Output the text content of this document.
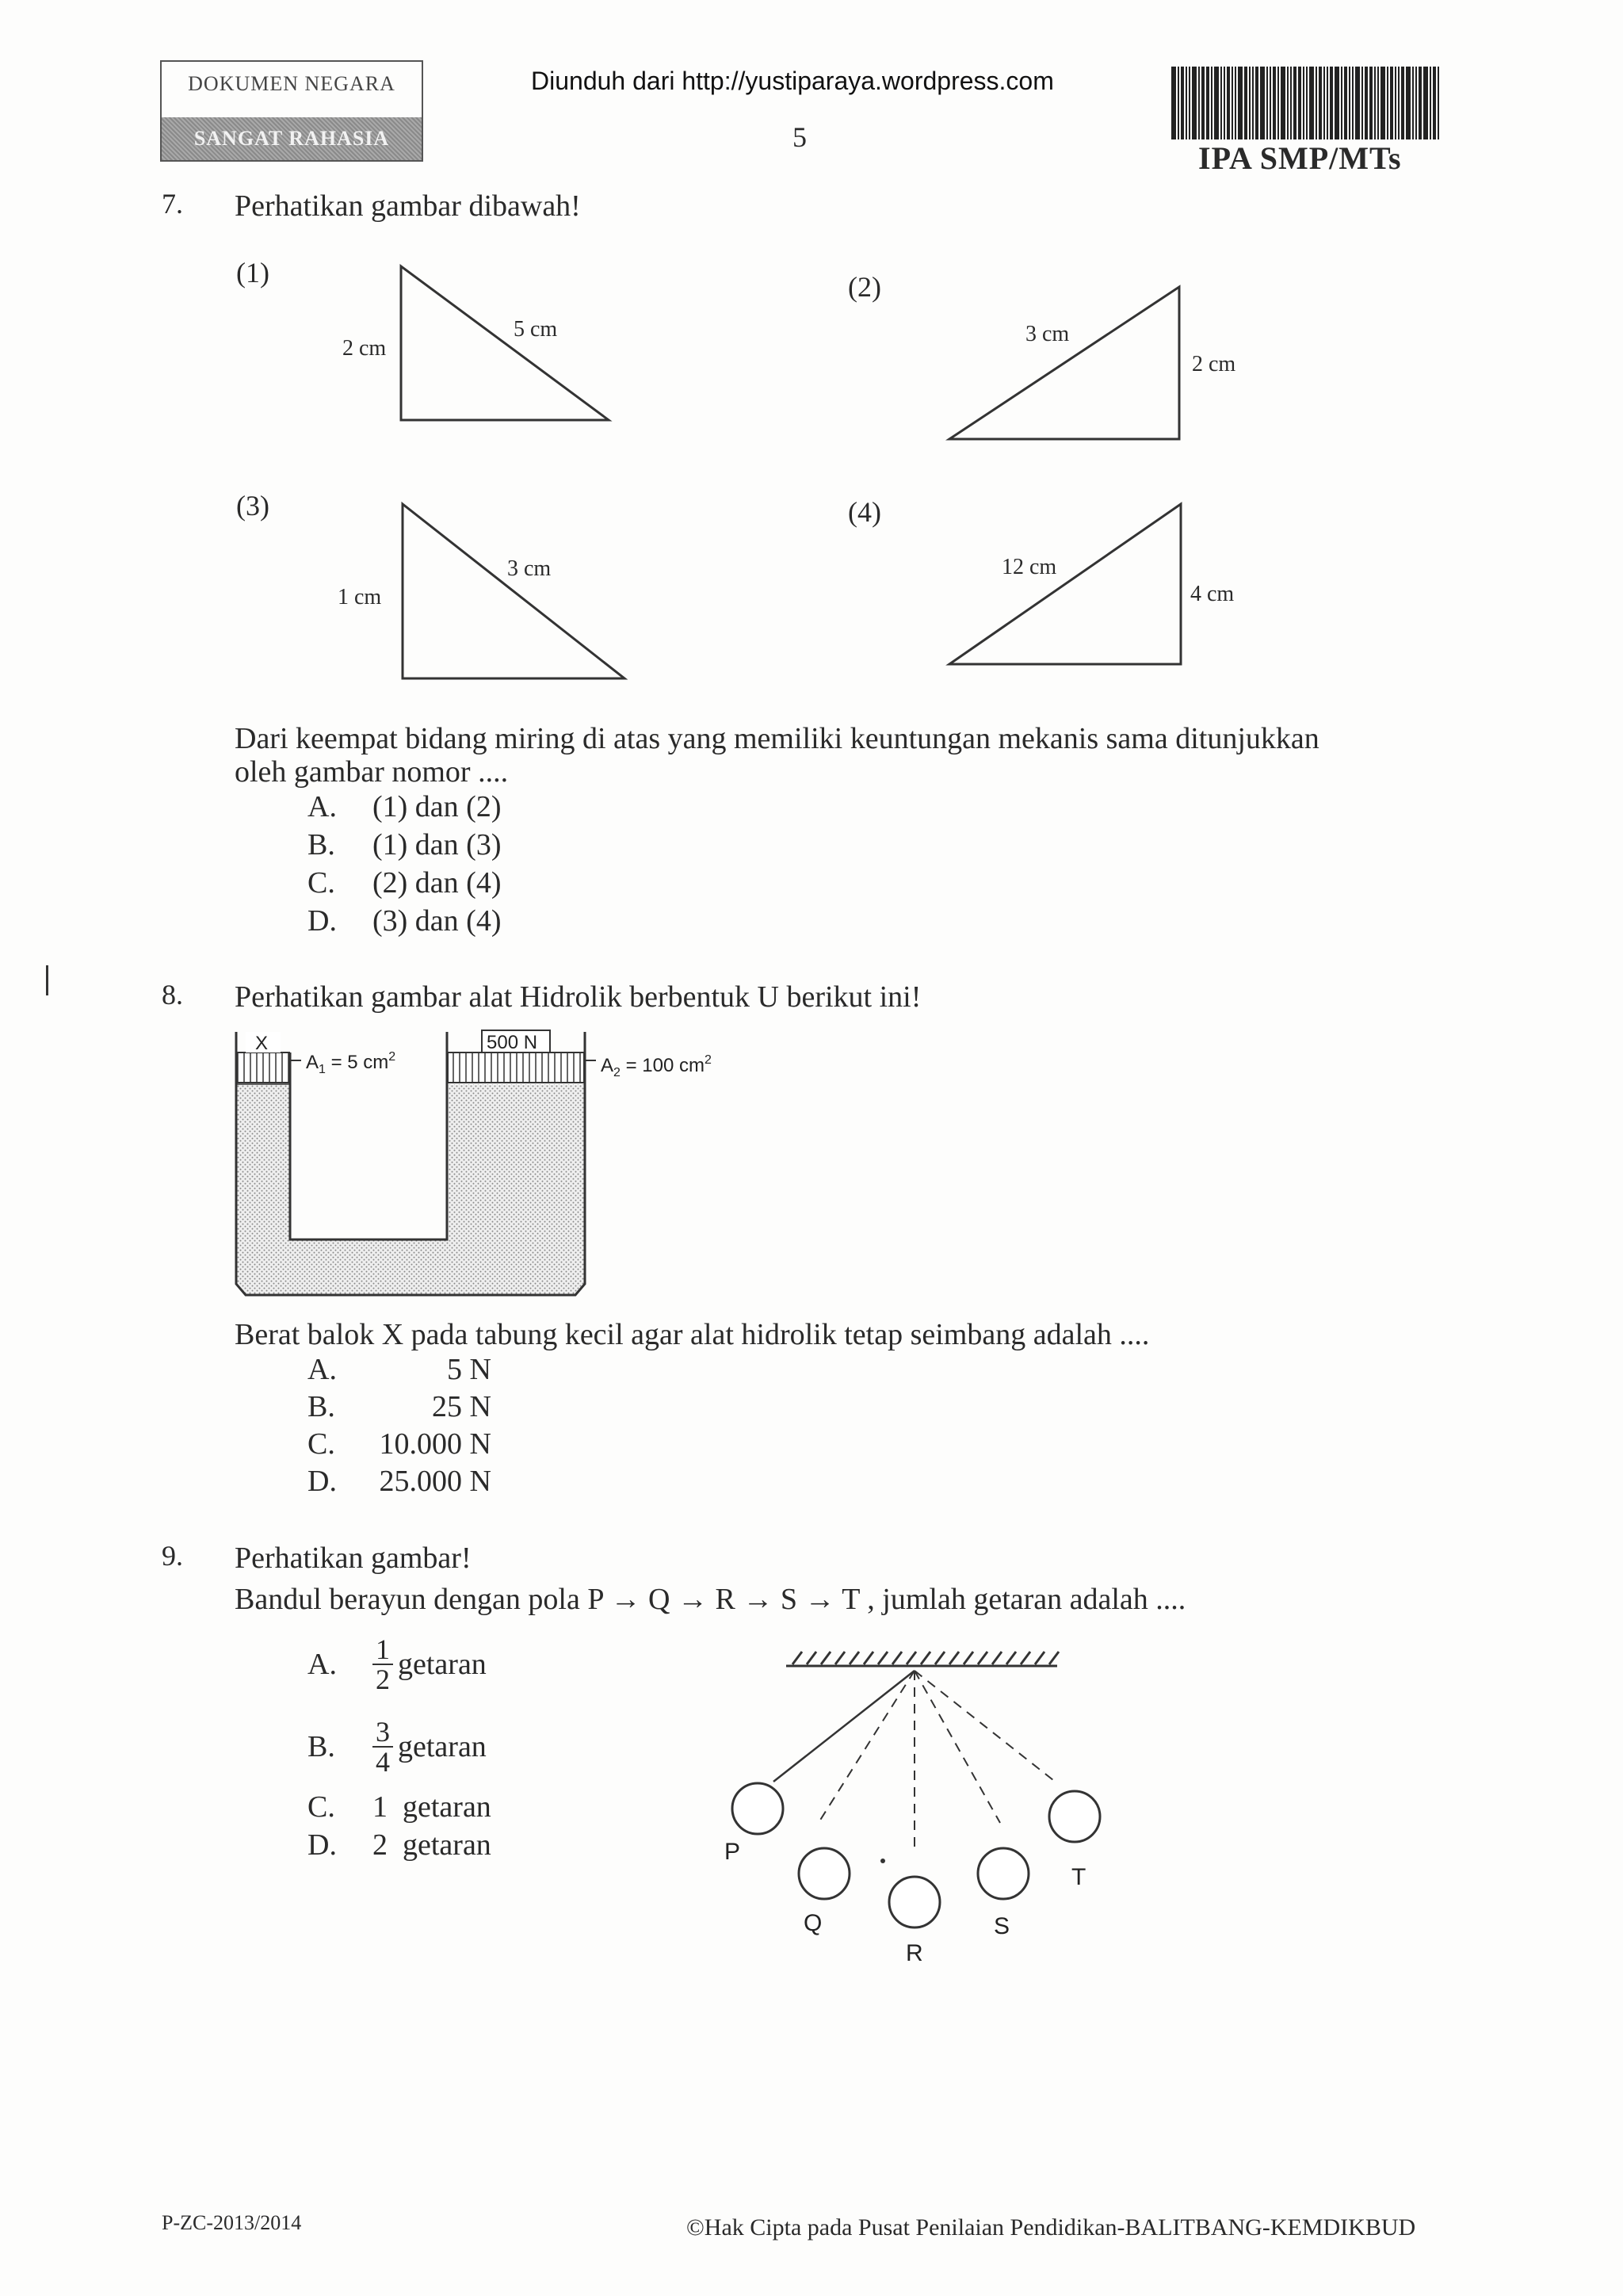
DOKUMEN NEGARA
SANGAT RAHASIA
Diunduh dari http://yustiparaya.wordpress.com
5
IPA SMP/MTs
7. Perhatikan gambar dibawah!
(1)
2 cm
5 cm
(2)
2 cm
3 cm
(3)
1 cm
3 cm
(4)
4 cm
12 cm
Dari keempat bidang miring di atas yang memiliki keuntungan mekanis sama ditunjukkan
oleh gambar nomor ....
A.	(1) dan (2)
B.	(1) dan (3)
C.	(2) dan (4)
D.	(3) dan (4)
8. Perhatikan gambar alat Hidrolik berbentuk U berikut ini!
X	500 N
$A_1 = 5$ $cm^2$	$A_2 = 100$ $cm^2$
Berat balok X pada tabung kecil agar alat hidrolik tetap seimbang adalah ....
A.	5 N
B.	25 N
C.	10.000 N
D.	25.000 N
9. Perhatikan gambar!
Bandul berayun dengan pola P → Q → R → S → T , jumlah getaran adalah ....
A.	$\frac{1}{2}$ getaran
B.	$\frac{3}{4}$ getaran
C.	1  getaran
D.	2  getaran	P
Q
R
S
T
P-ZC-2013/2014	©Hak Cipta pada Pusat Penilaian Pendidikan-BALITBANG-KEMDIKBUD
